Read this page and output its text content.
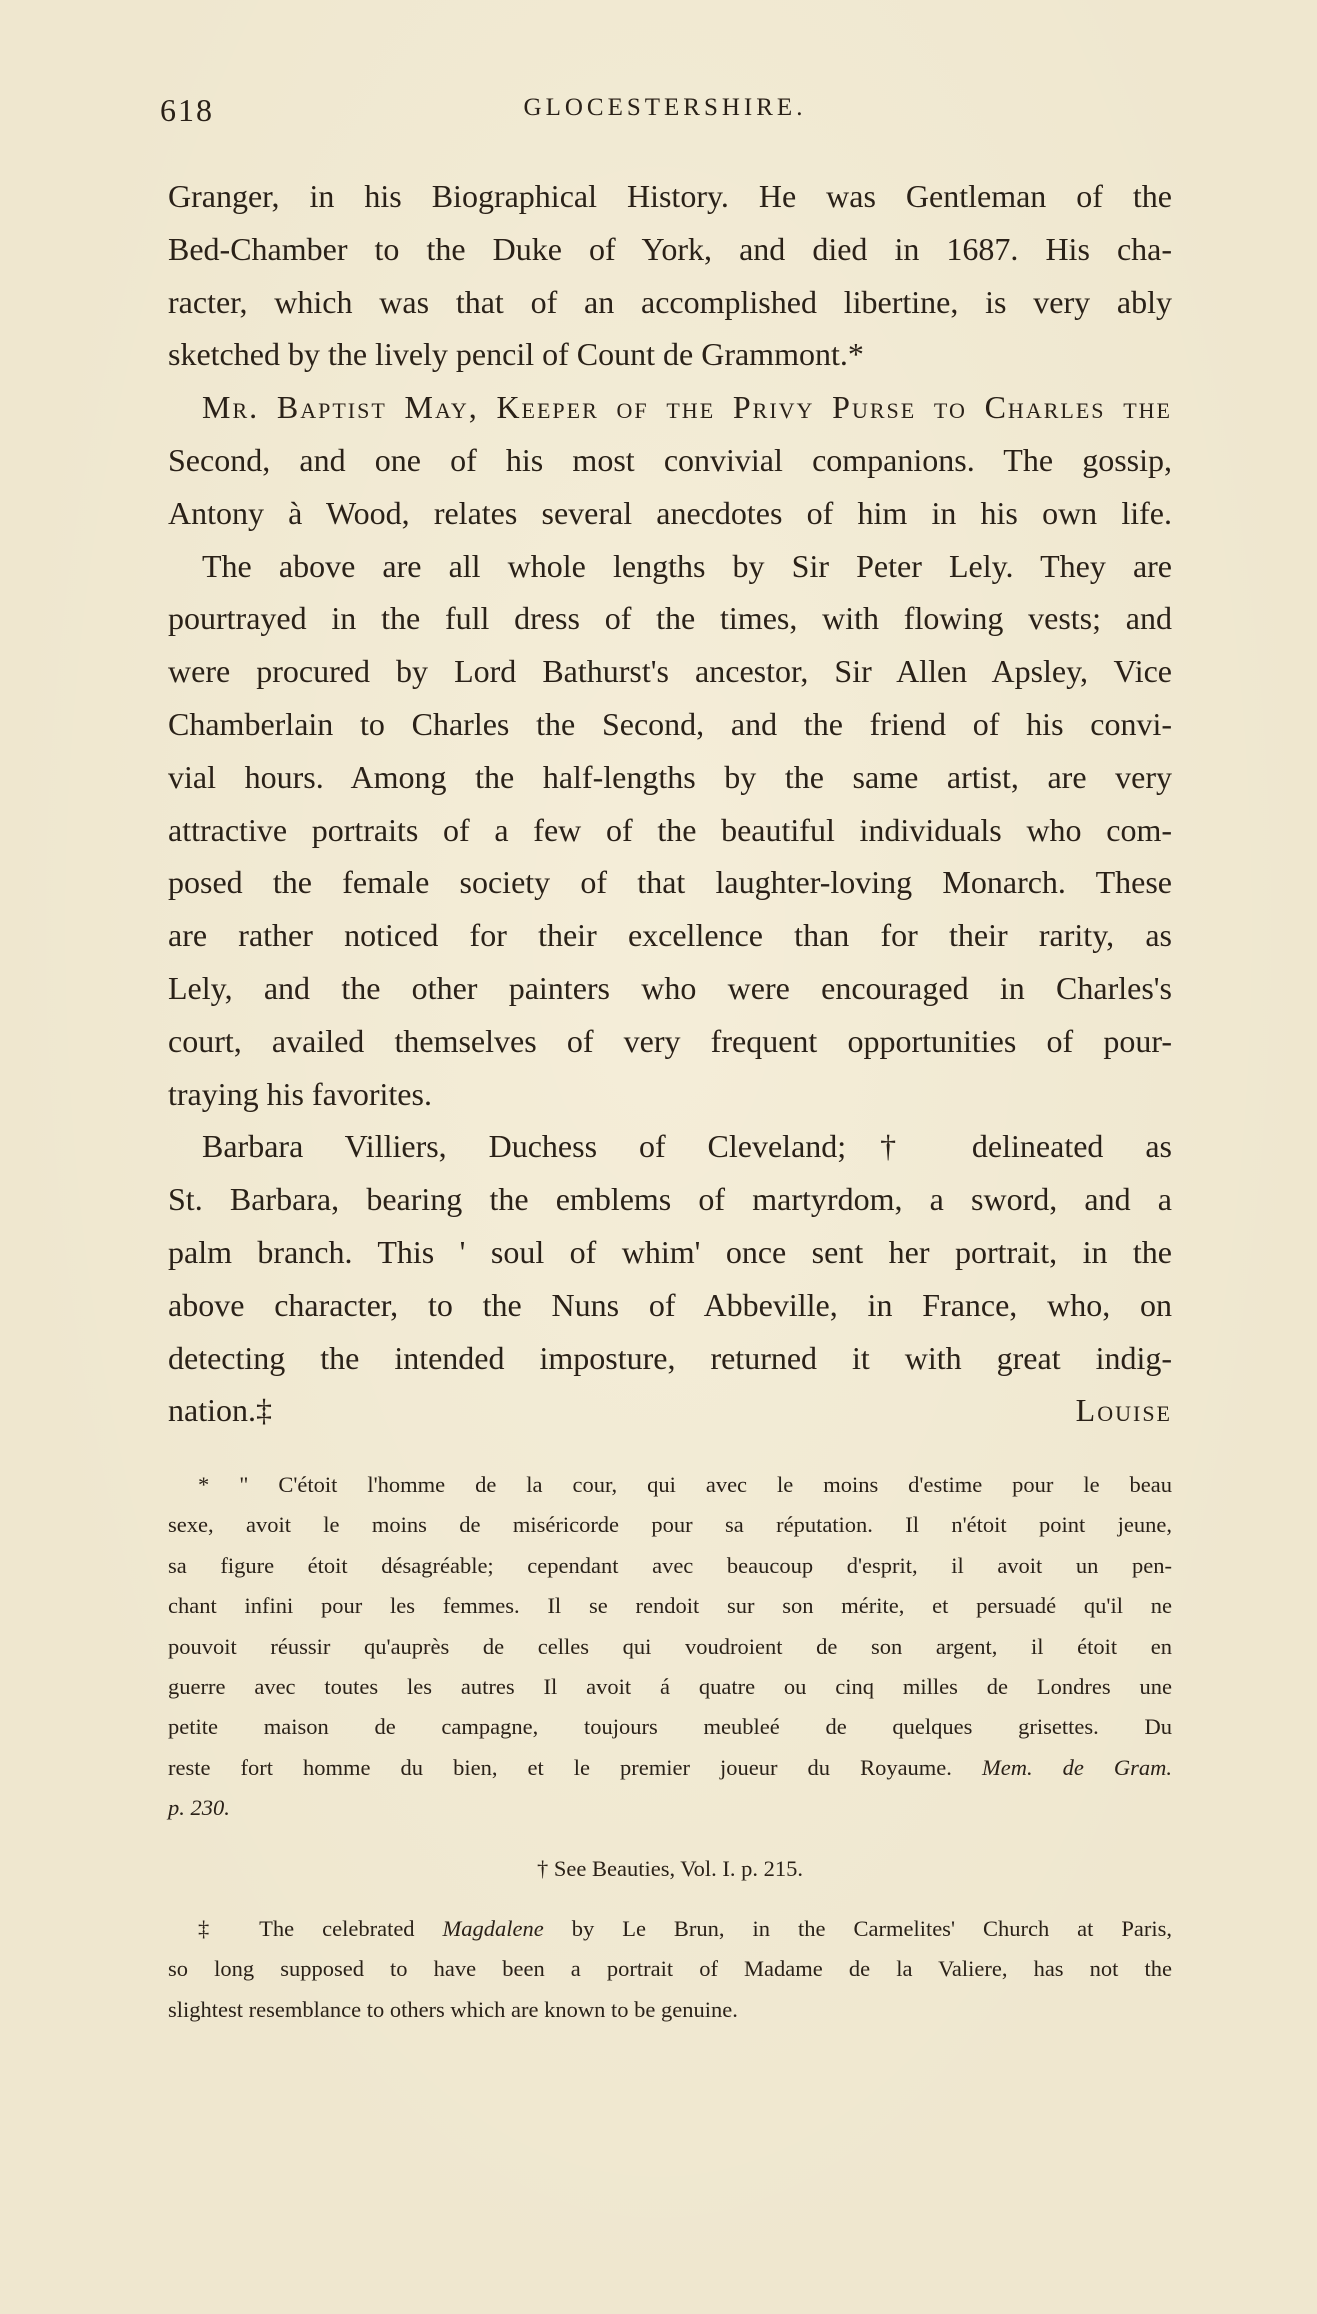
618	GLOCESTERSHIRE.
Granger, in his Biographical History. He was Gentleman of the
Bed-Chamber to the Duke of York, and died in 1687. His cha-
racter, which was that of an accomplished libertine, is very ably
sketched by the lively pencil of Count de Grammont.*
Mr. Baptist May, Keeper of the Privy Purse to Charles the
Second, and one of his most convivial companions. The gossip,
Antony à Wood, relates several anecdotes of him in his own life.
The above are all whole lengths by Sir Peter Lely. They are
pourtrayed in the full dress of the times, with flowing vests; and
were procured by Lord Bathurst's ancestor, Sir Allen Apsley, Vice
Chamberlain to Charles the Second, and the friend of his convi-
vial hours. Among the half-lengths by the same artist, are very
attractive portraits of a few of the beautiful individuals who com-
posed the female society of that laughter-loving Monarch. These
are rather noticed for their excellence than for their rarity, as
Lely, and the other painters who were encouraged in Charles's
court, availed themselves of very frequent opportunities of pour-
traying his favorites.
Barbara Villiers, Duchess of Cleveland;† delineated as
St. Barbara, bearing the emblems of martyrdom, a sword, and a
palm branch. This ' soul of whim' once sent her portrait, in the
above character, to the Nuns of Abbeville, in France, who, on
detecting the intended imposture, returned it with great indig-
nation.‡	Louise
* " C'étoit l'homme de la cour, qui avec le moins d'estime pour le beau
sexe, avoit le moins de miséricorde pour sa réputation. Il n'étoit point jeune,
sa figure étoit désagréable; cependant avec beaucoup d'esprit, il avoit un pen-
chant infini pour les femmes. Il se rendoit sur son mérite, et persuadé qu'il ne
pouvoit réussir qu'auprès de celles qui voudroient de son argent, il étoit en
guerre avec toutes les autres Il avoit á quatre ou cinq milles de Londres une
petite maison de campagne, toujours meubleé de quelques grisettes. Du
reste fort homme du bien, et le premier joueur du Royaume. Mem. de Gram.
p. 230.
† See Beauties, Vol. I. p. 215.
‡ The celebrated Magdalene by Le Brun, in the Carmelites' Church at Paris,
so long supposed to have been a portrait of Madame de la Valiere, has not the
slightest resemblance to others which are known to be genuine.
